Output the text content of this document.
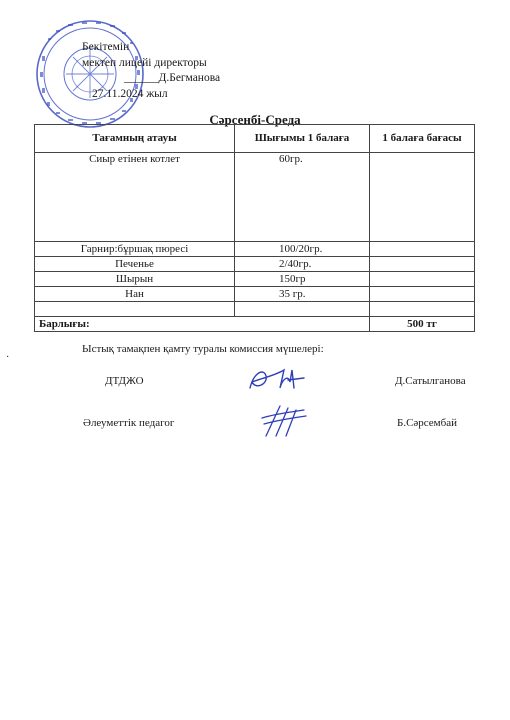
Бекітемін
мектеп лицейі директоры
______Д.Бегманова
27.11.2024 жыл
Сәрсенбі-Среда
Тағамның атауы	Шығымы 1 балаға	1 балаға бағасы
Сиыр етінен котлет	60гр.	
Гарнир:бұршақ пюресі	100/20гр.	
Печенье	2/40гр.	
Шырын	150гр	
Нан	35 гр.	

Барлығы:		500 тг
·
Ыстық тамақпен қамту туралы комиссия мүшелері:
ДТДЖО	Д.Сатылганова
Әлеуметтік педагог	Б.Сәрсембай
